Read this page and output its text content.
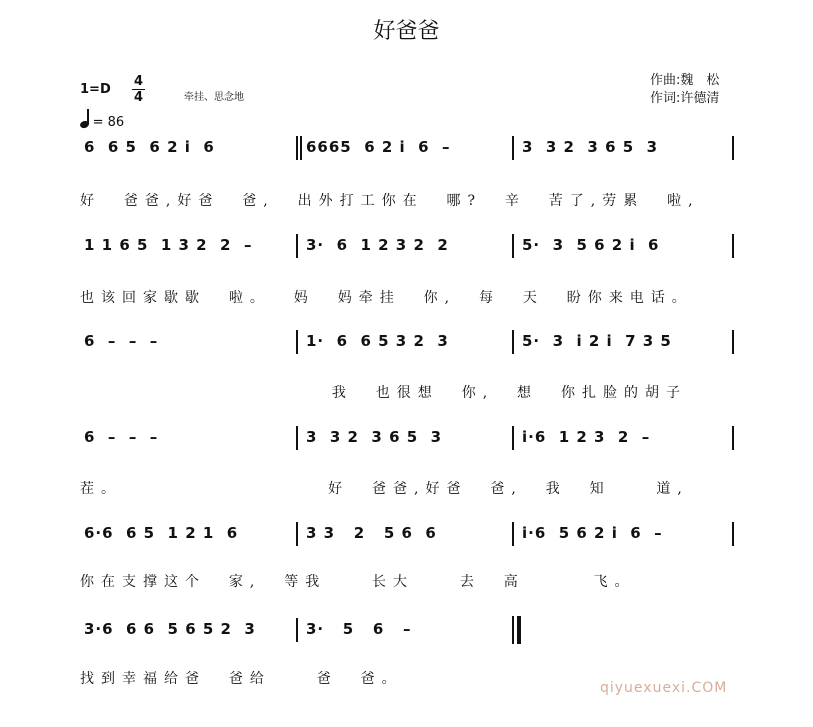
好爸爸
1=D
4
4	牵挂、思念地
= 86
作曲:魏　松
作词:许德清
6  6 5  6 2 i  6	6665  6 2 i  6  –	3  3 2  3 6 5  3
好  爸爸,好爸  爸,  出外打工你在  哪?  辛  苦了,劳累  啦,
1 1 6 5  1 3 2  2  –	3·  6  1 2 3 2  2	5·  3  5 6 2 i  6
也该回家歇歇  啦。  妈  妈牵挂  你,  每  天  盼你来电话。
6  –  –  –	1·  6  6 5 3 2  3	5·  3  i 2 i  7 3 5
我  也很想  你,  想  你扎脸的胡子
6  –  –  –	3  3 2  3 6 5  3	i·6  1 2 3  2  –
茬。                  好  爸爸,好爸  爸,  我  知    道,
6·6  6 5  1 2 1  6	3 3   2   5 6  6	i·6  5 6 2 i  6  –
你在支撑这个  家,  等我    长大    去  高      飞。
3·6  6 6  5 6 5 2  3	3·   5   6   –
找到幸福给爸  爸给    爸  爸。
qiyuexuexi.COM
